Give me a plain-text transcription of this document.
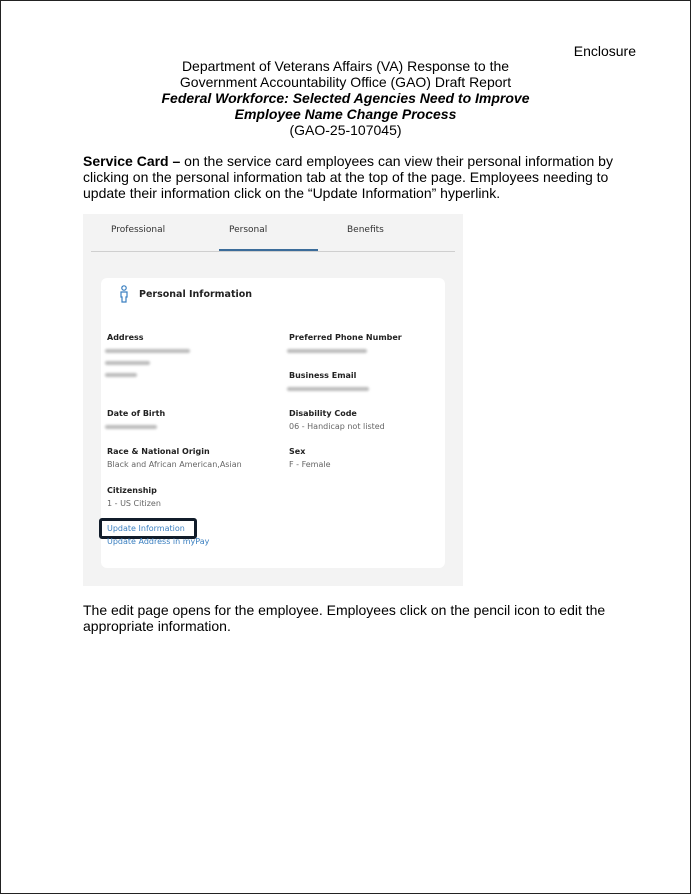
Enclosure
Department of Veterans Affairs (VA) Response to the
Government Accountability Office (GAO) Draft Report
Federal Workforce: Selected Agencies Need to Improve
Employee Name Change Process
(GAO-25-107045)
Service Card – on the service card employees can view their personal information by clicking on the personal information tab at the top of the page. Employees needing to update their information click on the “Update Information” hyperlink.
Professional	Personal	Benefits
Personal Information
Address	Preferred Phone Number
Business Email
Date of Birth	Disability Code
06 - Handicap not listed
Race & National Origin
Black and African American,Asian
Sex
F - Female
Citizenship
1 - US Citizen
Update Information
Update Address in myPay
The edit page opens for the employee. Employees click on the pencil icon to edit the appropriate information.
